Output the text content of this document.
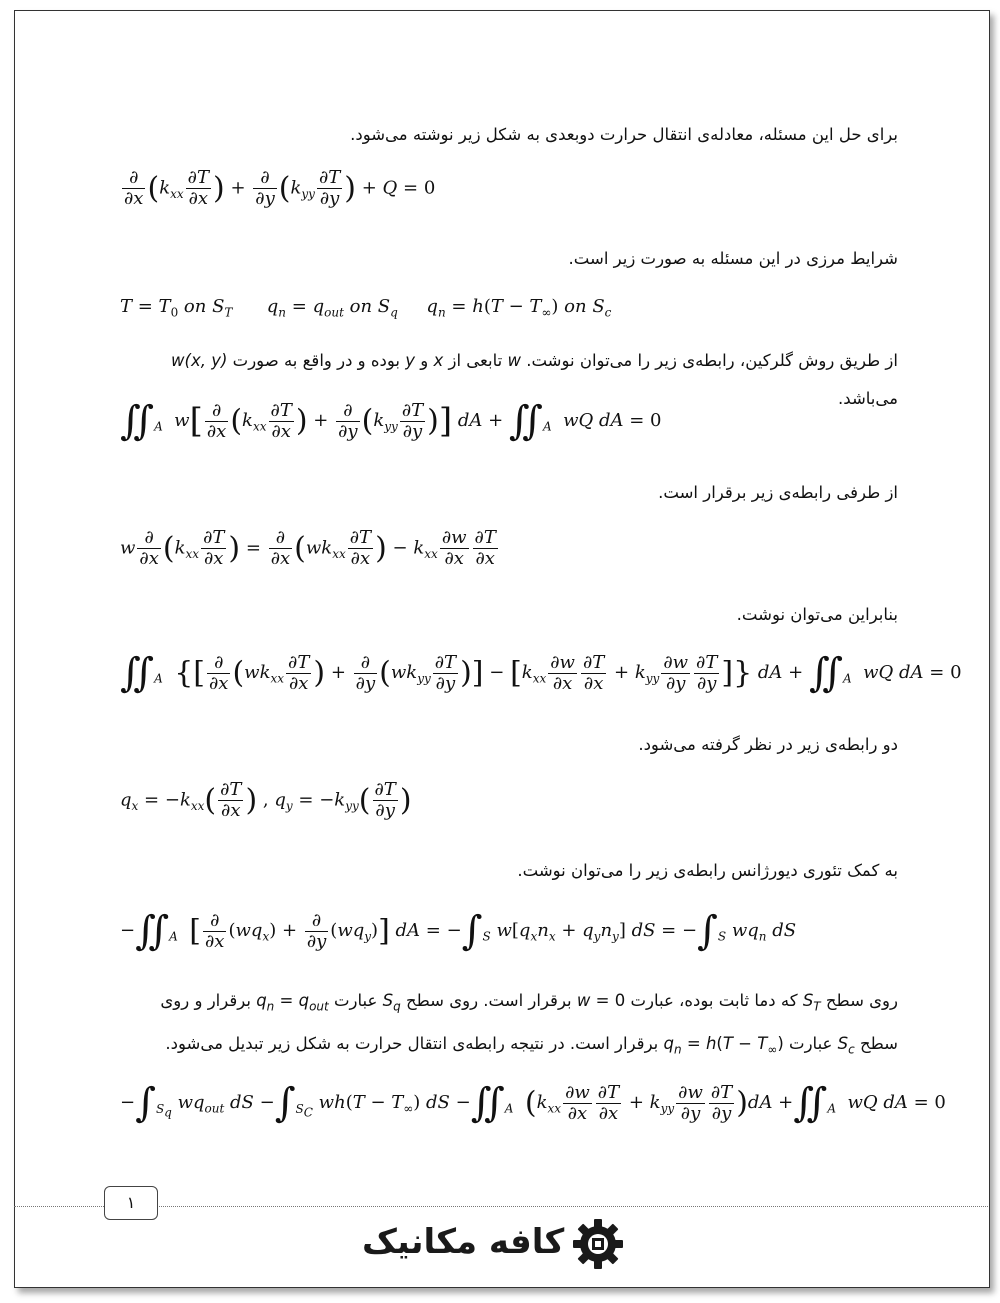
برای حل این مسئله، معادله‌ی انتقال حرارت دوبعدی به شکل زیر نوشته می‌شود.
$\frac{\partial}{\partial x} (k_{xx} \frac{\partial T}{\partial x}$ ) + $\frac{\partial}{\partial y} (k_{yy} \frac{\partial T}{\partial y}$ ) + Q = 0
شرایط مرزی در این مسئله به صورت زیر است.
$T = T_0$ on $S_T$      $q_n = q_{out}$ on $S_q$     $q_n = h(T - T_\infty)$ on $S_c$
از طریق روش گلرکین، رابطه‌ی زیر را می‌توان نوشت. w تابعی از x و y بوده و در واقع به صورت w(x, y) می‌باشد.
$∬_A$  $w[ \frac{\partial}{\partial x} (k_{xx} \frac{\partial T}{\partial x}$ ) + $\frac{\partial}{\partial y} (k_{yy} \frac{\partial T}{\partial y}$ )] dA + $∬_A$  wQ dA = 0
از طرفی رابطه‌ی زیر برقرار است.
w $\frac{\partial}{\partial x} (k_{xx} \frac{\partial T}{\partial x}$ ) = $\frac{\partial}{\partial x} (wk_{xx} \frac{\partial T}{\partial x}$ ) − $k_{xx} \frac{\partial w}{\partial x} \frac{\partial T}{\partial x}$
بنابراین می‌توان نوشت.
$∬_A$ {[ $\frac{\partial}{\partial x} (wk_{xx} \frac{\partial T}{\partial x}$ ) + $\frac{\partial}{\partial y} (wk_{yy} \frac{\partial T}{\partial y}$ )] − [$k_{xx} \frac{\partial w}{\partial x} \frac{\partial T}{\partial x} + k_{yy} \frac{\partial w}{\partial y} \frac{\partial T}{\partial y}$ ]} dA + $∬_A$  wQ dA = 0
دو رابطه‌ی زیر در نظر گرفته می‌شود.
$q_x = -k_{xx}( \frac{\partial T}{\partial x}$ ) , $q_y = -k_{yy}( \frac{\partial T}{\partial y}$ )
به کمک تئوری دیورژانس رابطه‌ی زیر را می‌توان نوشت.
$-∬_A$ [ $\frac{\partial}{\partial x} (wq_x) + \frac{\partial}{\partial y} (wq_y)$] dA = $-\int_S$ $w[q_xn_x + q_yn_y]$ dS = $-\int_S$ $wq_n$ dS
روی سطح $S_T$ که دما ثابت بوده، عبارت w = 0 برقرار است. روی سطح $S_q$ عبارت $q_n = q_{out}$ برقرار و روی سطح $S_c$ عبارت $q_n = h(T - T_\infty)$ برقرار است. در نتیجه رابطه‌ی انتقال حرارت به شکل زیر تبدیل می‌شود.
$-\int_{S_q}$ $wq_{out}$ dS $-\int_{S_C}$ $wh(T - T_\infty)$ dS $-∬_A$ $(k_{xx} \frac{\partial w}{\partial x} \frac{\partial T}{\partial x} + k_{yy} \frac{\partial w}{\partial y} \frac{\partial T}{\partial y} )dA$ $+∬_A$  wQ dA = 0
۱
کافه مکانیک
